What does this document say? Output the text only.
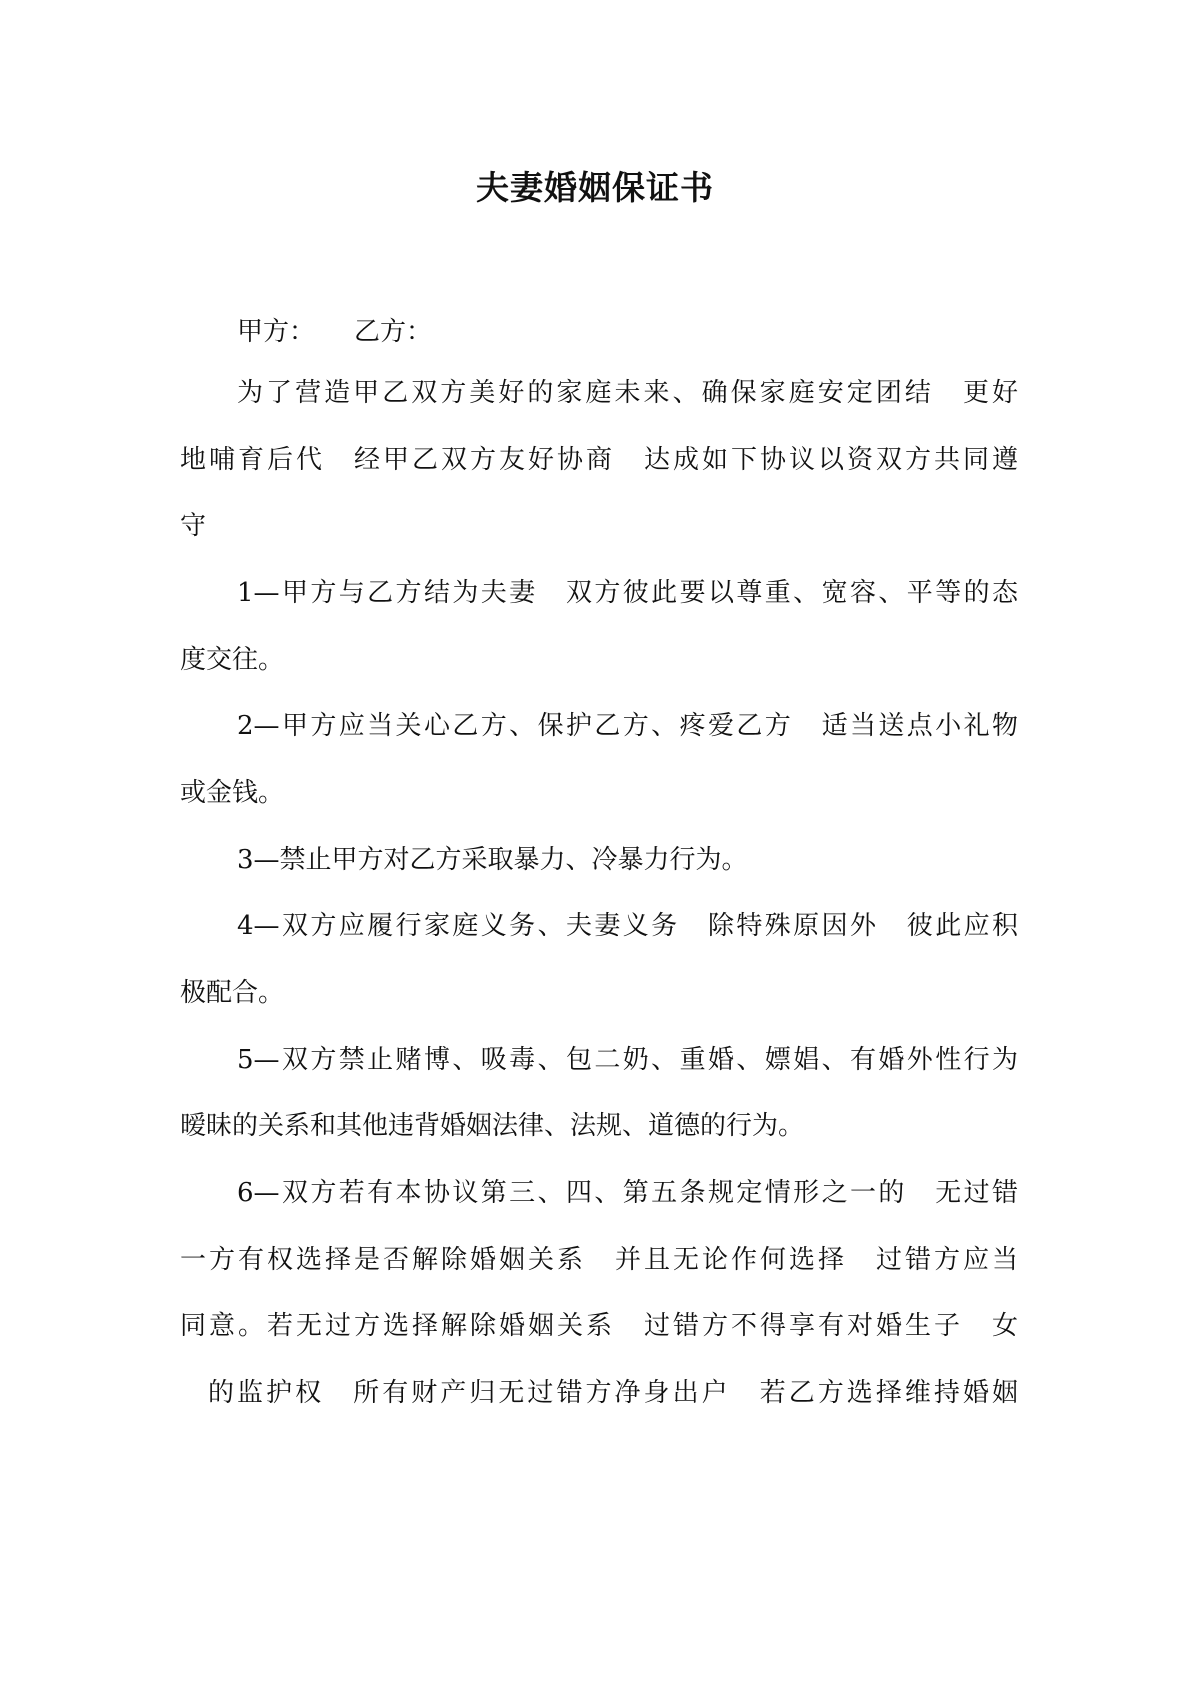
夫妻婚姻保证书
甲方：　　乙方：
为了营造甲乙双方美好的家庭未来、确保家庭安定团结　更好
地哺育后代　经甲乙双方友好协商　达成如下协议以资双方共同遵
守
1—甲方与乙方结为夫妻　双方彼此要以尊重、宽容、平等的态
度交往。
2—甲方应当关心乙方、保护乙方、疼爱乙方　适当送点小礼物
或金钱。
3—禁止甲方对乙方采取暴力、冷暴力行为。
4—双方应履行家庭义务、夫妻义务　除特殊原因外　彼此应积
极配合。
5—双方禁止赌博、吸毒、包二奶、重婚、嫖娼、有婚外性行为
暧昧的关系和其他违背婚姻法律、法规、道德的行为。
6—双方若有本协议第三、四、第五条规定情形之一的　无过错
一方有权选择是否解除婚姻关系　并且无论作何选择　过错方应当
同意。若无过方选择解除婚姻关系　过错方不得享有对婚生子　女
的监护权　所有财产归无过错方净身出户　若乙方选择维持婚姻
